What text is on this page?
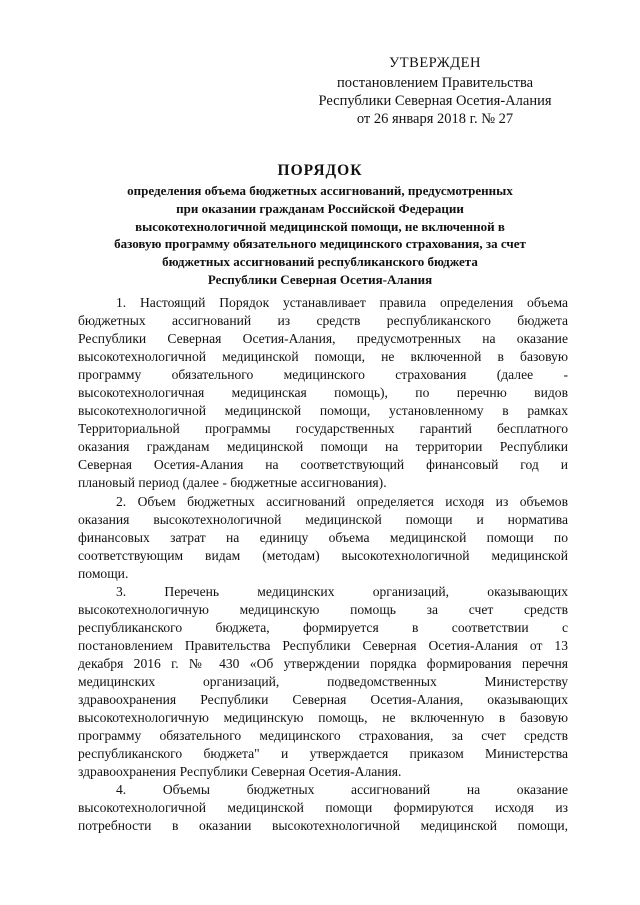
УТВЕРЖДЕН
постановлением Правительства
Республики Северная Осетия-Алания
от 26 января 2018 г. № 27
ПОРЯДОК
определения объема бюджетных ассигнований, предусмотренных
при оказании гражданам Российской Федерации
высокотехнологичной медицинской помощи, не включенной в
базовую программу обязательного медицинского страхования, за счет
бюджетных ассигнований республиканского бюджета
Республики Северная Осетия-Алания
1. Настоящий Порядок устанавливает правила определения объема
бюджетных ассигнований из средств республиканского бюджета
Республики Северная Осетия-Алания, предусмотренных на оказание
высокотехнологичной медицинской помощи, не включенной в базовую
программу обязательного медицинского страхования (далее -
высокотехнологичная медицинская помощь), по перечню видов
высокотехнологичной медицинской помощи, установленному в рамках
Территориальной программы государственных гарантий бесплатного
оказания гражданам медицинской помощи на территории Республики
Северная Осетия-Алания на соответствующий финансовый год и
плановый период (далее - бюджетные ассигнования).
2. Объем бюджетных ассигнований определяется исходя из объемов
оказания высокотехнологичной медицинской помощи и норматива
финансовых затрат на единицу объема медицинской помощи по
соответствующим видам (методам) высокотехнологичной медицинской
помощи.
3. Перечень медицинских организаций, оказывающих
высокотехнологичную медицинскую помощь за счет средств
республиканского бюджета, формируется в соответствии с
постановлением Правительства Республики Северная Осетия-Алания от 13
декабря 2016 г. № 430 «Об утверждении порядка формирования перечня
медицинских организаций, подведомственных Министерству
здравоохранения Республики Северная Осетия-Алания, оказывающих
высокотехнологичную медицинскую помощь, не включенную в базовую
программу обязательного медицинского страхования, за счет средств
республиканского бюджета" и утверждается приказом Министерства
здравоохранения Республики Северная Осетия-Алания.
4. Объемы бюджетных ассигнований на оказание
высокотехнологичной медицинской помощи формируются исходя из
потребности в оказании высокотехнологичной медицинской помощи,
